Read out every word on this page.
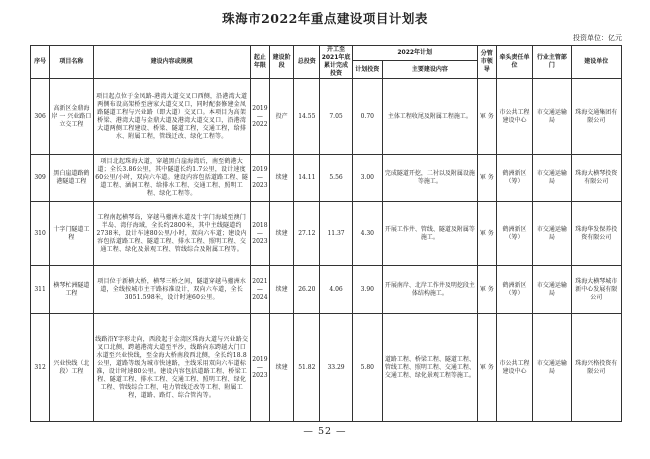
珠海市2022年重点建设项目计划表
投资单位：亿元
序号	项目名称	建设内容或规模	起止年限	建设阶段	总投资	开工至2021年底累计完成投资	2022年计划		分管市领导	牵头责任单位	行业主管部门	建设单位
							计划投资	主要建设内容				
306	高新区金鼎海岸 一 兴业路口立交工程	项目起点位于金凤路-港湾大道交叉口西侧，沿港湾大道两侧布设高架桥至唐家大道交叉口，同时配套修建金凤路隧道工程与兴业路（即大道）交叉口。本项目为高架桥梁、港湾大道与金鼎大道及港湾大道交叉口，沿港湾大道两侧工程建设、桥梁、隧道工程，交通工程，给排水、附属工程，管线迁改、绿化工程等。	2019 — 2022	投产	14.55	7.05	0.70	主体工程收尾及附属工程施工。	軍 务	市公共工程建设中心	市交通运输局	珠海交通集团有限公司
309	黑白崖道路鹤港隧道工程	项目北起珠海大道，穿越黑白崖海湾后，南至鹤港大道；全长3.86公里，其中隧道长约1.7公里，设计速度60公里/小时，双向六车道。建设内容包括道路工程、隧道工程、涵洞工程、给排水工程、交通工程、照明工程、绿化工程等。	2019 — 2023	续建	14.11	5.56	3.00	完成隧道开挖，二衬以及附属设施等施工。	軍 务	鹤洲新区（筹）	市交通运输局	珠海大横琴投资有限公司
310	十字门隧道工程	工程南起横琴岛，穿越马骝洲水道及十字门海域至澳门半岛、湾仔海域，全长约2800米，其中主线隧道约2738米，设计车速80公里/小时，双向六车道；建设内容包括道路工程、隧道工程、排水工程、照明工程、交通工程、绿化及景观工程、管线综合及附属工程等。	2018 — 2023	续建	27.12	11.37	4.30	开展工作井、管线、隧道及附属等施工。	軍 务	鹤洲新区（筹）	市交通运输局	珠海华发保养投资有限公司
311	横琴杧洲隧道工程	项目位于新横大桥，横琴三桥之间，隧道穿越马骝洲水道，全线按城市主干路标准设计，双向六车道，全长3051.598米，设计时速60公里。	2021 — 2024	续建	26.20	4.06	3.90	开展南岸、北岸工作井及明挖段主体结构施工。	軍 务	鹤洲新区（筹）	市交通运输局	珠海大横琴城市新中心发展有限公司
312	兴业快线（北段）工程	线路沿Y字形走向，西段起于金湾区珠海大道与兴业路交叉口北侧，跨越港湾大道至平沙，线路向东跨越大门口水道至兴业快线，至金海大桥南段西北侧，全长约18.8公里，道路等级为城市快速路，主线采用双向六车道标准，设计时速80公里。建设内容包括道路工程、桥梁工程、隧道工程、排水工程、交通工程、照明工程、绿化工程、管线综合工程、电力管线迁改等工程、附属工程，道路、路灯、综合管沟等。	2019 — 2023	续建	51.82	33.29	5.80	道路工程、桥梁工程、隧道工程、管线工程、照明工程、交通工程、交通工程、绿化景观工程等施工。	軍 务	市公共工程建设中心	市交通运输局	珠海兴格投资有限公司
— 52 —
